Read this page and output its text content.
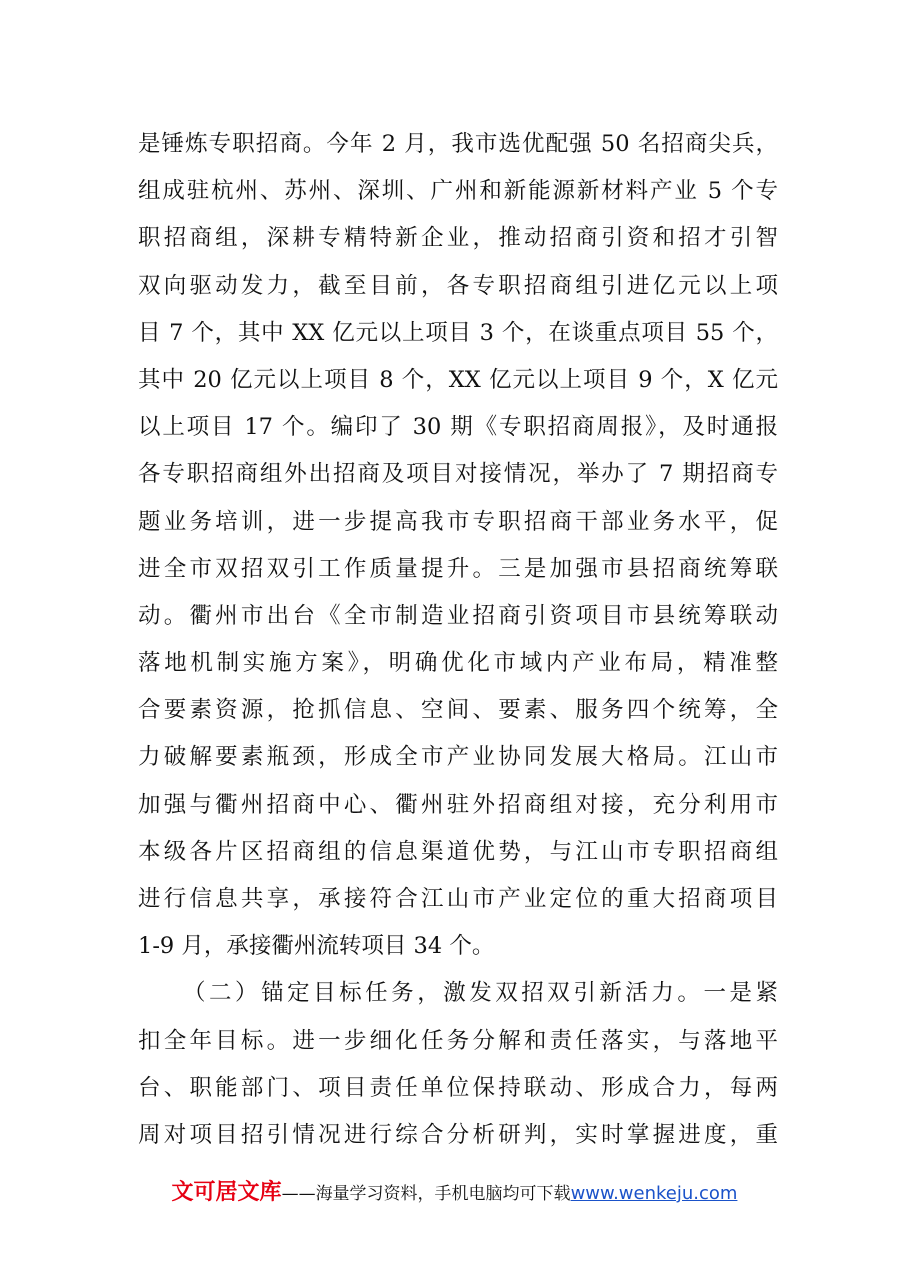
是锤炼专职招商。今年 2 月，我市选优配强 50 名招商尖兵，
组成驻杭州、苏州、深圳、广州和新能源新材料产业 5 个专
职招商组，深耕专精特新企业，推动招商引资和招才引智
双向驱动发力，截至目前，各专职招商组引进亿元以上项
目 7 个，其中 XX 亿元以上项目 3 个，在谈重点项目 55 个，
其中 20 亿元以上项目 8 个，XX 亿元以上项目 9 个，X 亿元
以上项目 17 个。编印了 30 期《专职招商周报》，及时通报
各专职招商组外出招商及项目对接情况，举办了 7 期招商专
题业务培训，进一步提高我市专职招商干部业务水平，促
进全市双招双引工作质量提升。三是加强市县招商统筹联
动。衢州市出台《全市制造业招商引资项目市县统筹联动
落地机制实施方案》，明确优化市域内产业布局，精准整
合要素资源，抢抓信息、空间、要素、服务四个统筹，全
力破解要素瓶颈，形成全市产业协同发展大格局。江山市
加强与衢州招商中心、衢州驻外招商组对接，充分利用市
本级各片区招商组的信息渠道优势，与江山市专职招商组
进行信息共享，承接符合江山市产业定位的重大招商项目
1-9 月，承接衢州流转项目 34 个。
（二）锚定目标任务，激发双招双引新活力。一是紧
扣全年目标。进一步细化任务分解和责任落实，与落地平
台、职能部门、项目责任单位保持联动、形成合力，每两
周对项目招引情况进行综合分析研判，实时掌握进度，重
文可居文库——海量学习资料，手机电脑均可下载www.wenkeju.com
